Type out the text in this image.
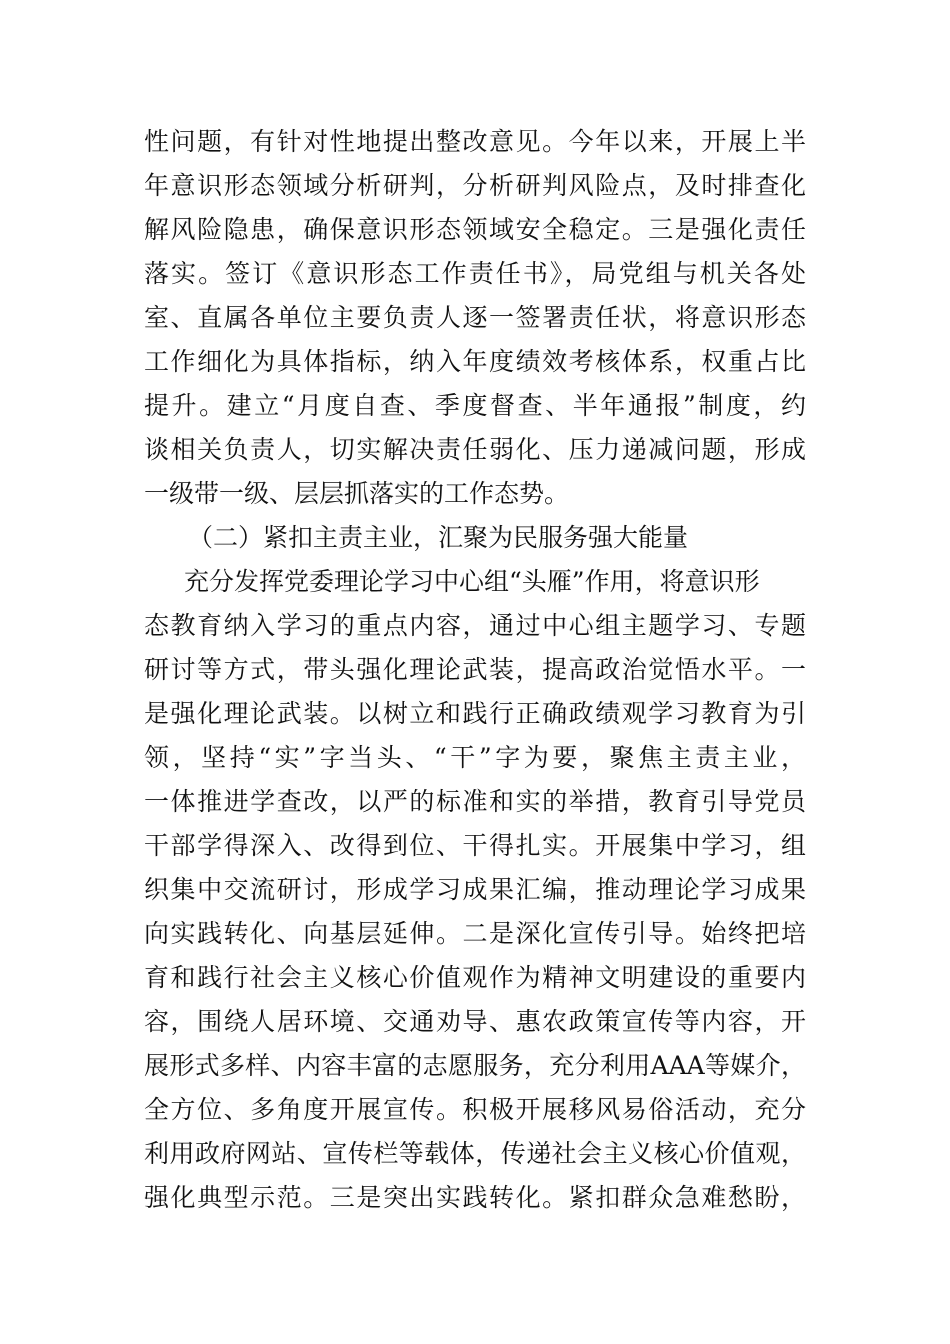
性问题，有针对性地提出整改意见。今年以来，开展上半
年意识形态领域分析研判，分析研判风险点，及时排查化
解风险隐患，确保意识形态领域安全稳定。三是强化责任
落实。签订《意识形态工作责任书》，局党组与机关各处
室、直属各单位主要负责人逐一签署责任状，将意识形态
工作细化为具体指标，纳入年度绩效考核体系，权重占比
提升。建立“月度自查、季度督查、半年通报”制度，约
谈相关负责人，切实解决责任弱化、压力递减问题，形成
一级带一级、层层抓落实的工作态势。
（二）紧扣主责主业，汇聚为民服务强大能量
充分发挥党委理论学习中心组“头雁”作用，将意识形
态教育纳入学习的重点内容，通过中心组主题学习、专题
研讨等方式，带头强化理论武装，提高政治觉悟水平。一
是强化理论武装。以树立和践行正确政绩观学习教育为引
领，坚持“实”字当头、“干”字为要，聚焦主责主业，
一体推进学查改，以严的标准和实的举措，教育引导党员
干部学得深入、改得到位、干得扎实。开展集中学习，组
织集中交流研讨，形成学习成果汇编，推动理论学习成果
向实践转化、向基层延伸。二是深化宣传引导。始终把培
育和践行社会主义核心价值观作为精神文明建设的重要内
容，围绕人居环境、交通劝导、惠农政策宣传等内容，开
展形式多样、内容丰富的志愿服务，充分利用AAA等媒介，
全方位、多角度开展宣传。积极开展移风易俗活动，充分
利用政府网站、宣传栏等载体，传递社会主义核心价值观，
强化典型示范。三是突出实践转化。紧扣群众急难愁盼，
